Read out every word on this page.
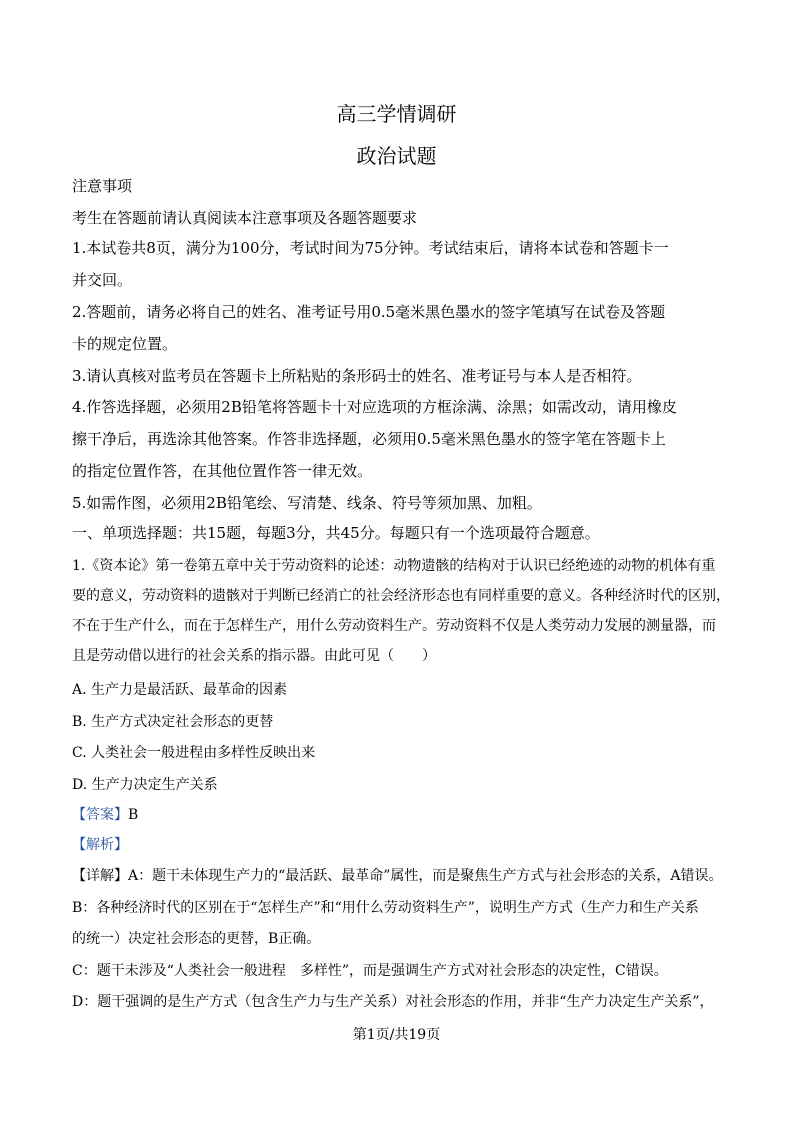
高三学情调研
政治试题
注意事项
考生在答题前请认真阅读本注意事项及各题答题要求
1.本试卷共8页，满分为100分，考试时间为75分钟。考试结束后，请将本试卷和答题卡一
并交回。
2.答题前，请务必将自己的姓名、准考证号用0.5毫米黑色墨水的签字笔填写在试卷及答题
卡的规定位置。
3.请认真核对监考员在答题卡上所粘贴的条形码士的姓名、准考证号与本人是否相符。
4.作答选择题，必须用2B铅笔将答题卡十对应选项的方框涂满、涂黑；如需改动，请用橡皮
擦干净后，再选涂其他答案。作答非选择题，必须用0.5毫米黑色墨水的签字笔在答题卡上
的指定位置作答，在其他位置作答一律无效。
5.如需作图，必须用2B铅笔绘、写清楚、线条、符号等须加黑、加粗。
一、单项选择题：共15题，每题3分，共45分。每题只有一个选项最符合题意。
1.《资本论》第一卷第五章中关于劳动资料的论述：动物遗骸的结构对于认识已经绝迹的动物的机体有重
要的意义，劳动资料的遗骸对于判断已经消亡的社会经济形态也有同样重要的意义。各种经济时代的区别，
不在于生产什么，而在于怎样生产，用什么劳动资料生产。劳动资料不仅是人类劳动力发展的测量器，而
且是劳动借以进行的社会关系的指示器。由此可见（　　）
A. 生产力是最活跃、最革命的因素
B. 生产方式决定社会形态的更替
C. 人类社会一般进程由多样性反映出来
D. 生产力决定生产关系
【答案】B
【解析】
【详解】A：题干未体现生产力的“最活跃、最革命”属性，而是聚焦生产方式与社会形态的关系，A错误。
B：各种经济时代的区别在于“怎样生产”和“用什么劳动资料生产”，说明生产方式（生产力和生产关系
的统一）决定社会形态的更替，B正确。
C：题干未涉及“人类社会一般进程　多样性”，而是强调生产方式对社会形态的决定性，C错误。
D：题干强调的是生产方式（包含生产力与生产关系）对社会形态的作用，并非“生产力决定生产关系”，
第1页/共19页
